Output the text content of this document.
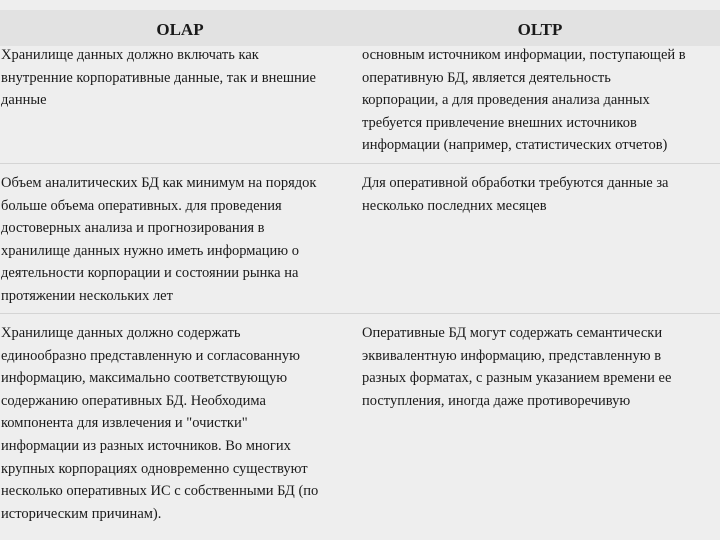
OLAP	OLTP
Хранилище данных должно включать как
внутренние корпоративные данные, так и внешние
данные
основным источником информации, поступающей в
оперативную БД, является деятельность
корпорации, а для проведения анализа данных
требуется привлечение внешних источников
информации (например, статистических отчетов)
Объем аналитических БД как минимум на порядок
больше объема оперативных. для проведения
достоверных анализа и прогнозирования в
хранилище данных нужно иметь информацию о
деятельности корпорации и состоянии рынка на
протяжении нескольких лет
Для оперативной обработки требуются данные за
несколько последних месяцев
Хранилище данных должно содержать
единообразно представленную и согласованную
информацию, максимально соответствующую
содержанию оперативных БД. Необходима
компонента для извлечения и "очистки"
информации из разных источников. Во многих
крупных корпорациях одновременно существуют
несколько оперативных ИС с собственными БД (по
историческим причинам).
Оперативные БД могут содержать семантически
эквивалентную информацию, представленную в
разных форматах, с разным указанием времени ее
поступления, иногда даже противоречивую
